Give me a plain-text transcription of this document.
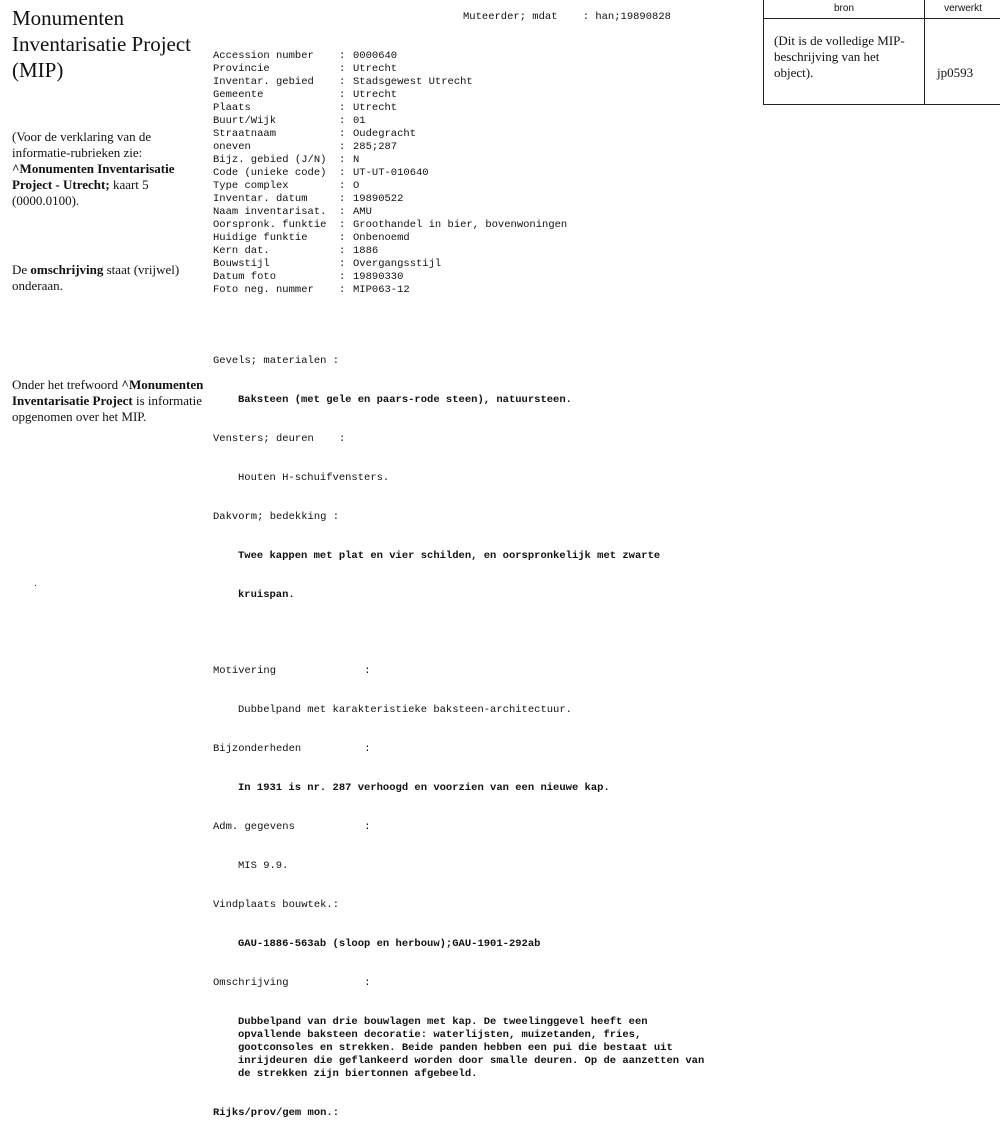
Monumenten Inventarisatie Project (MIP)
(Voor de verklaring van de informatie-rubrieken zie: ^Monumenten Inventarisatie Project - Utrecht; kaart 5 (0000.0100).
De omschrijving staat (vrijwel) onderaan.
Onder het trefwoord ^Monumenten Inventarisatie Project is informatie opgenomen over het MIP.
.

Muteerder; mdat    : han;19890828

Accession number : 0000640
Provincie	: Utrecht
Inventar. gebied : Stadsgewest Utrecht
Gemeente	: Utrecht
Plaats	: Utrecht
Buurt/Wijk	: 01
Straatnaam	: Oudegracht
oneven	: 285;287
Bijz. gebied (J/N) : N
Code (unieke code) : UT-UT-010640
Type complex	: O
Inventar. datum	: 19890522
Naam inventarisat. : AMU
Oorspronk. funktie : Groothandel in bier, bovenwoningen
Huidige funktie	: Onbenoemd
Kern dat.	: 1886
Bouwstijl	: Overgangsstijl
Datum foto	: 19890330
Foto neg. nummer : MIP063-12

Gevels; materialen :

Baksteen (met gele en paars-rode steen), natuursteen.

Vensters; deuren    :

Houten H-schuifvensters.

Dakvorm; bedekking :

Twee kappen met plat en vier schilden, en oorspronkelijk met zwarte

kruispan.

Motivering              :

Dubbelpand met karakteristieke baksteen-architectuur.

Bijzonderheden          :

In 1931 is nr. 287 verhoogd en voorzien van een nieuwe kap.

Adm. gegevens           :

MIS 9.9.

Vindplaats bouwtek.:

GAU-1886-563ab (sloop en herbouw);GAU-1901-292ab

Omschrijving            :

Dubbelpand van drie bouwlagen met kap. De tweelinggevel heeft een
opvallende baksteen decoratie: waterlijsten, muizetanden, fries,
gootconsoles en strekken. Beide panden hebben een pui die bestaat uit
inrijdeuren die geflankeerd worden door smalle deuren. Op de aanzetten van
de strekken zijn biertonnen afgebeeld.

Rijks/prov/gem mon.:

bron	verwerkt
(Dit is de volledige MIP-beschrijving van het object).	jp0593
